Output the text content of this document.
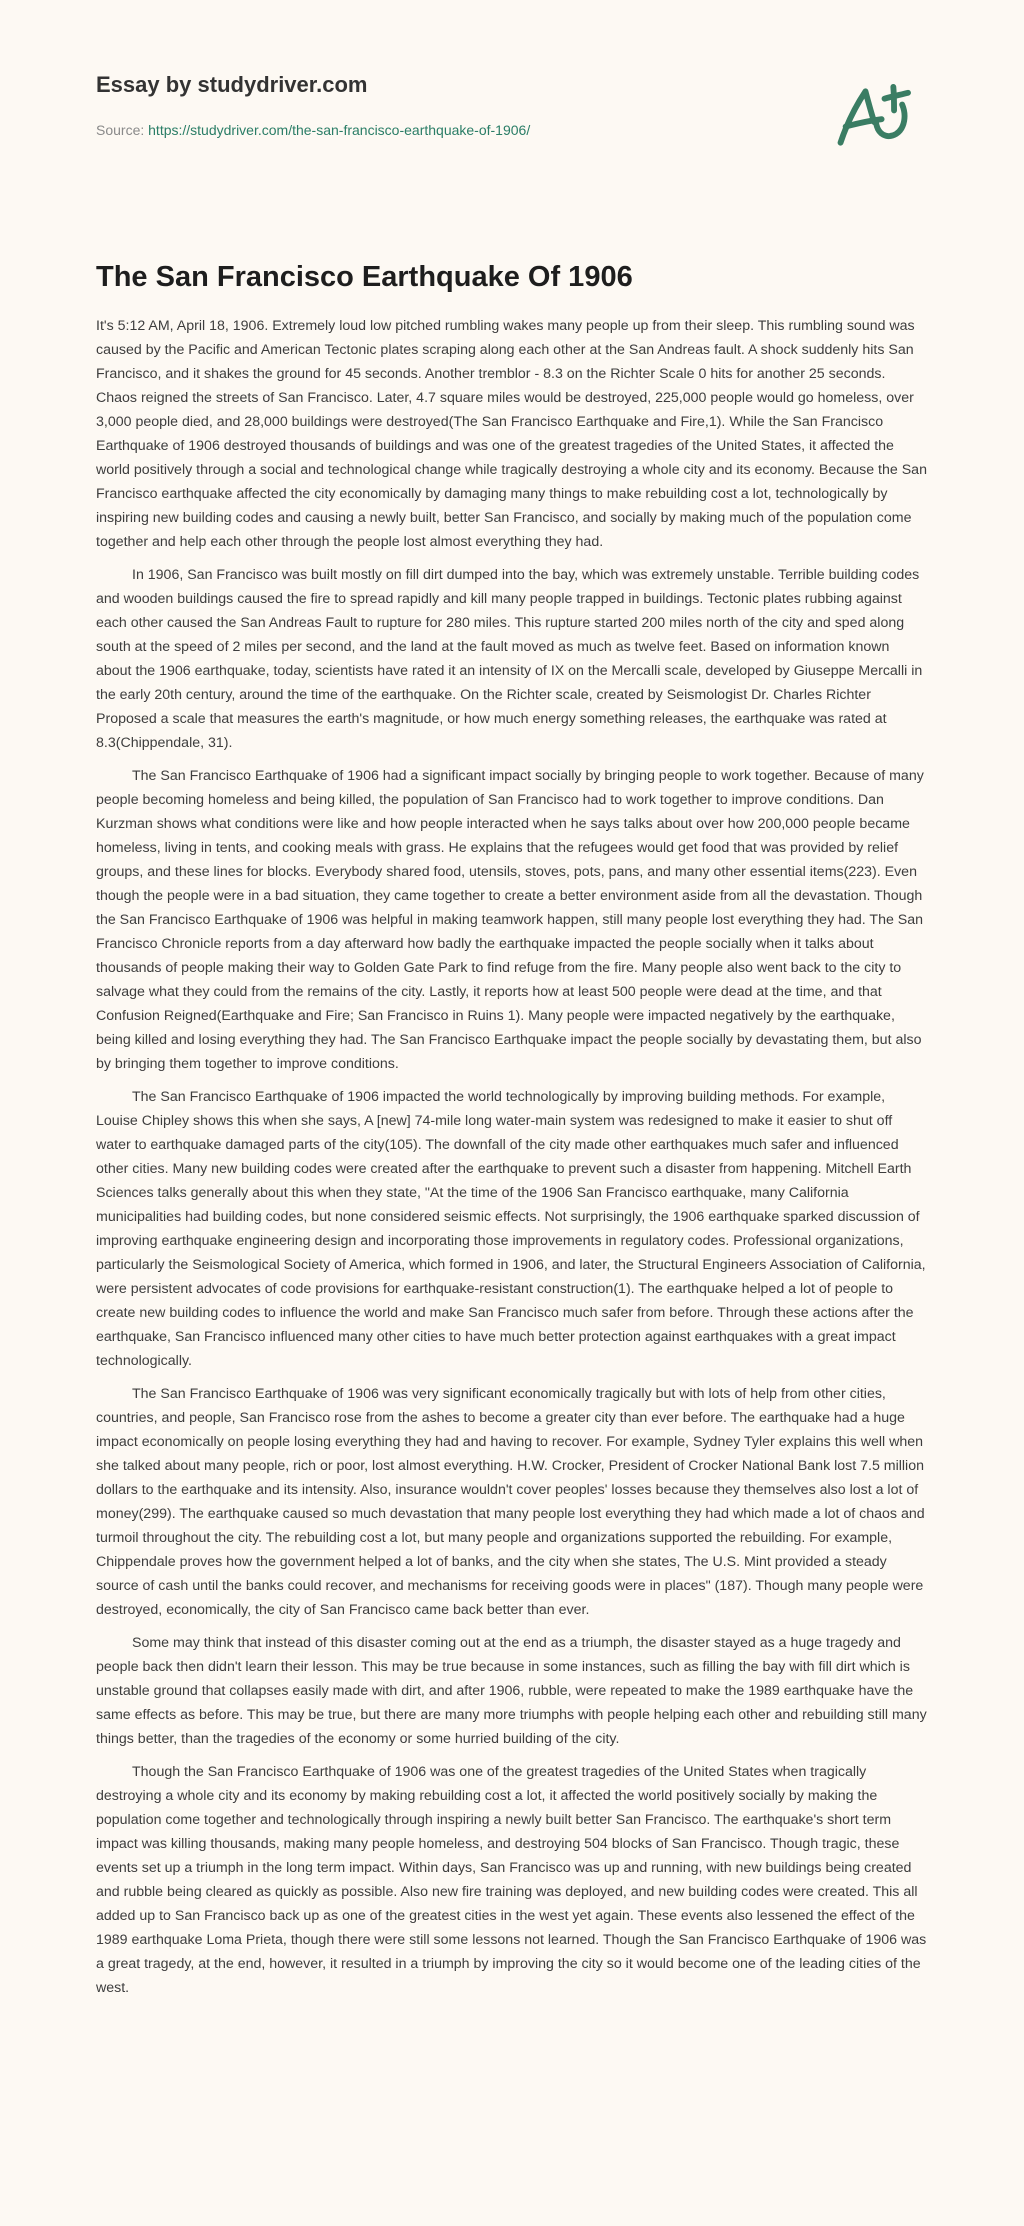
Essay by studydriver.com
Source: https://studydriver.com/the-san-francisco-earthquake-of-1906/
The San Francisco Earthquake Of 1906

It's 5:12 AM, April 18, 1906. Extremely loud low pitched rumbling wakes many people up from their sleep. This rumbling sound was caused by the Pacific and American Tectonic plates scraping along each other at the San Andreas fault. A shock suddenly hits San Francisco, and it shakes the ground for 45 seconds. Another tremblor - 8.3 on the Richter Scale 0 hits for another 25 seconds. Chaos reigned the streets of San Francisco. Later, 4.7 square miles would be destroyed, 225,000 people would go homeless, over 3,000 people died, and 28,000 buildings were destroyed(The San Francisco Earthquake and Fire,1). While the San Francisco Earthquake of 1906 destroyed thousands of buildings and was one of the greatest tragedies of the United States, it affected the world positively through a social and technological change while tragically destroying a whole city and its economy. Because the San Francisco earthquake affected the city economically by damaging many things to make rebuilding cost a lot, technologically by inspiring new building codes and causing a newly built, better San Francisco, and socially by making much of the population come together and help each other through the people lost almost everything they had.

In 1906, San Francisco was built mostly on fill dirt dumped into the bay, which was extremely unstable. Terrible building codes and wooden buildings caused the fire to spread rapidly and kill many people trapped in buildings. Tectonic plates rubbing against each other caused the San Andreas Fault to rupture for 280 miles. This rupture started 200 miles north of the city and sped along south at the speed of 2 miles per second, and the land at the fault moved as much as twelve feet. Based on information known about the 1906 earthquake, today, scientists have rated it an intensity of IX on the Mercalli scale, developed by Giuseppe Mercalli in the early 20th century, around the time of the earthquake. On the Richter scale, created by Seismologist Dr. Charles Richter Proposed a scale that measures the earth's magnitude, or how much energy something releases, the earthquake was rated at 8.3(Chippendale, 31).

The San Francisco Earthquake of 1906 had a significant impact socially by bringing people to work together. Because of many people becoming homeless and being killed, the population of San Francisco had to work together to improve conditions. Dan Kurzman shows what conditions were like and how people interacted when he says talks about over how 200,000 people became homeless, living in tents, and cooking meals with grass. He explains that the refugees would get food that was provided by relief groups, and these lines for blocks. Everybody shared food, utensils, stoves, pots, pans, and many other essential items(223). Even though the people were in a bad situation, they came together to create a better environment aside from all the devastation. Though the San Francisco Earthquake of 1906 was helpful in making teamwork happen, still many people lost everything they had. The San Francisco Chronicle reports from a day afterward how badly the earthquake impacted the people socially when it talks about thousands of people making their way to Golden Gate Park to find refuge from the fire. Many people also went back to the city to salvage what they could from the remains of the city. Lastly, it reports how at least 500 people were dead at the time, and that Confusion Reigned(Earthquake and Fire; San Francisco in Ruins 1). Many people were impacted negatively by the earthquake, being killed and losing everything they had. The San Francisco Earthquake impact the people socially by devastating them, but also by bringing them together to improve conditions.

The San Francisco Earthquake of 1906 impacted the world technologically by improving building methods. For example, Louise Chipley shows this when she says, A [new] 74-mile long water-main system was redesigned to make it easier to shut off water to earthquake damaged parts of the city(105). The downfall of the city made other earthquakes much safer and influenced other cities. Many new building codes were created after the earthquake to prevent such a disaster from happening. Mitchell Earth Sciences talks generally about this when they state, "At the time of the 1906 San Francisco earthquake, many California municipalities had building codes, but none considered seismic effects. Not surprisingly, the 1906 earthquake sparked discussion of improving earthquake engineering design and incorporating those improvements in regulatory codes. Professional organizations, particularly the Seismological Society of America, which formed in 1906, and later, the Structural Engineers Association of California, were persistent advocates of code provisions for earthquake-resistant construction(1). The earthquake helped a lot of people to create new building codes to influence the world and make San Francisco much safer from before. Through these actions after the earthquake, San Francisco influenced many other cities to have much better protection against earthquakes with a great impact technologically.

The San Francisco Earthquake of 1906 was very significant economically tragically but with lots of help from other cities, countries, and people, San Francisco rose from the ashes to become a greater city than ever before. The earthquake had a huge impact economically on people losing everything they had and having to recover. For example, Sydney Tyler explains this well when she talked about many people, rich or poor, lost almost everything. H.W. Crocker, President of Crocker National Bank lost 7.5 million dollars to the earthquake and its intensity. Also, insurance wouldn't cover peoples' losses because they themselves also lost a lot of money(299). The earthquake caused so much devastation that many people lost everything they had which made a lot of chaos and turmoil throughout the city. The rebuilding cost a lot, but many people and organizations supported the rebuilding. For example, Chippendale proves how the government helped a lot of banks, and the city when she states, The U.S. Mint provided a steady source of cash until the banks could recover, and mechanisms for receiving goods were in places" (187). Though many people were destroyed, economically, the city of San Francisco came back better than ever.

Some may think that instead of this disaster coming out at the end as a triumph, the disaster stayed as a huge tragedy and people back then didn't learn their lesson. This may be true because in some instances, such as filling the bay with fill dirt which is unstable ground that collapses easily made with dirt, and after 1906, rubble, were repeated to make the 1989 earthquake have the same effects as before. This may be true, but there are many more triumphs with people helping each other and rebuilding still many things better, than the tragedies of the economy or some hurried building of the city.

Though the San Francisco Earthquake of 1906 was one of the greatest tragedies of the United States when tragically destroying a whole city and its economy by making rebuilding cost a lot, it affected the world positively socially by making the population come together and technologically through inspiring a newly built better San Francisco. The earthquake's short term impact was killing thousands, making many people homeless, and destroying 504 blocks of San Francisco. Though tragic, these events set up a triumph in the long term impact. Within days, San Francisco was up and running, with new buildings being created and rubble being cleared as quickly as possible. Also new fire training was deployed, and new building codes were created. This all added up to San Francisco back up as one of the greatest cities in the west yet again. These events also lessened the effect of the 1989 earthquake Loma Prieta, though there were still some lessons not learned. Though the San Francisco Earthquake of 1906 was a great tragedy, at the end, however, it resulted in a triumph by improving the city so it would become one of the leading cities of the west.
